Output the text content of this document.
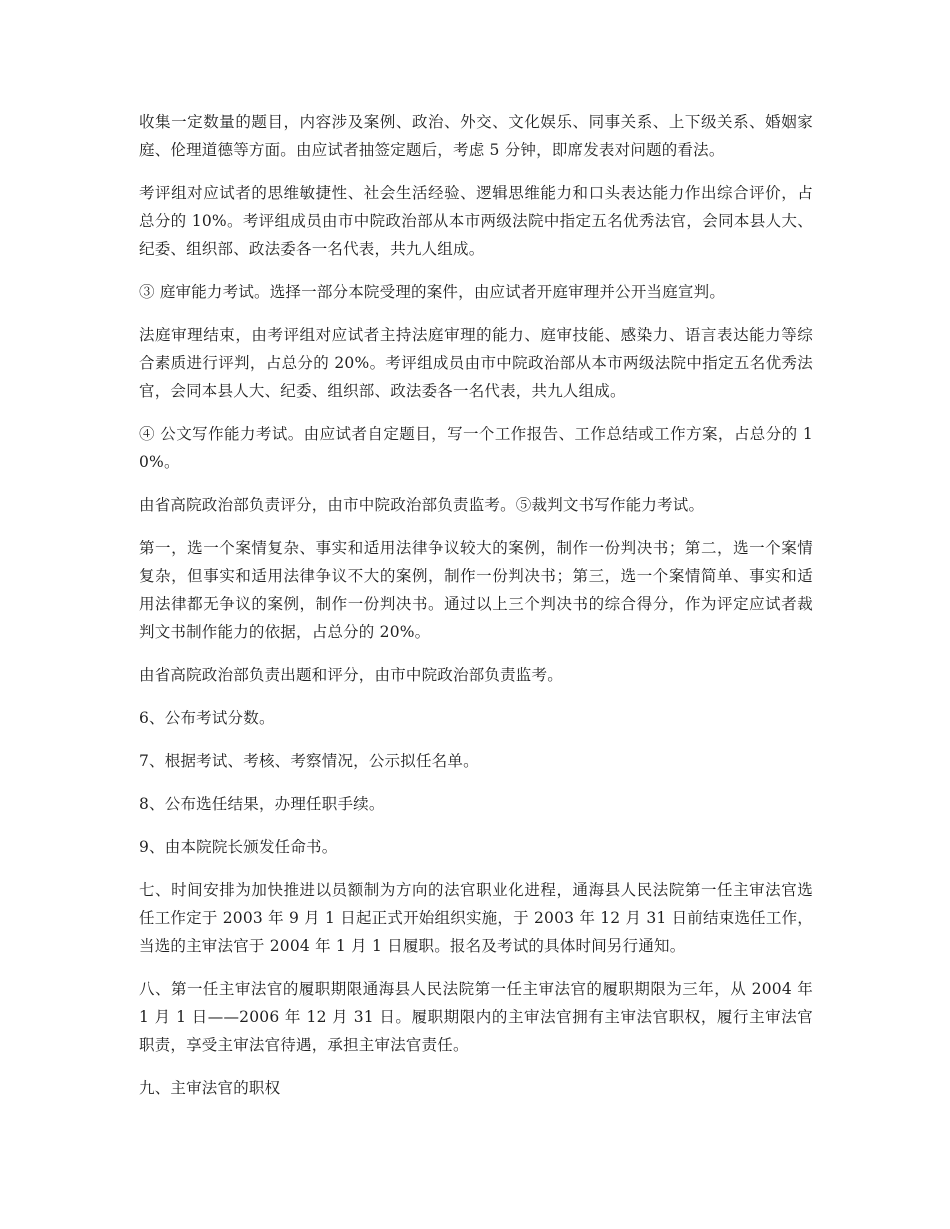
收集一定数量的题目，内容涉及案例、政治、外交、文化娱乐、同事关系、上下级关系、婚姻家庭、伦理道德等方面。由应试者抽签定题后，考虑 5 分钟，即席发表对问题的看法。

考评组对应试者的思维敏捷性、社会生活经验、逻辑思维能力和口头表达能力作出综合评价，占总分的 10%。考评组成员由市中院政治部从本市两级法院中指定五名优秀法官，会同本县人大、纪委、组织部、政法委各一名代表，共九人组成。

③ 庭审能力考试。选择一部分本院受理的案件，由应试者开庭审理并公开当庭宣判。

法庭审理结束，由考评组对应试者主持法庭审理的能力、庭审技能、感染力、语言表达能力等综合素质进行评判，占总分的 20%。考评组成员由市中院政治部从本市两级法院中指定五名优秀法官，会同本县人大、纪委、组织部、政法委各一名代表，共九人组成。

④ 公文写作能力考试。由应试者自定题目，写一个工作报告、工作总结或工作方案，占总分的 10%。

由省高院政治部负责评分，由市中院政治部负责监考。⑤裁判文书写作能力考试。

第一，选一个案情复杂、事实和适用法律争议较大的案例，制作一份判决书；第二，选一个案情复杂，但事实和适用法律争议不大的案例，制作一份判决书；第三，选一个案情简单、事实和适用法律都无争议的案例，制作一份判决书。通过以上三个判决书的综合得分，作为评定应试者裁判文书制作能力的依据，占总分的 20%。

由省高院政治部负责出题和评分，由市中院政治部负责监考。

6、公布考试分数。

7、根据考试、考核、考察情况，公示拟任名单。

8、公布选任结果，办理任职手续。

9、由本院院长颁发任命书。

七、时间安排为加快推进以员额制为方向的法官职业化进程，通海县人民法院第一任主审法官选任工作定于 2003 年 9 月 1 日起正式开始组织实施，于 2003 年 12 月 31 日前结束选任工作，当选的主审法官于 2004 年 1 月 1 日履职。报名及考试的具体时间另行通知。

八、第一任主审法官的履职期限通海县人民法院第一任主审法官的履职期限为三年，从 2004 年 1 月 1 日——2006 年 12 月 31 日。履职期限内的主审法官拥有主审法官职权，履行主审法官职责，享受主审法官待遇，承担主审法官责任。

九、主审法官的职权
